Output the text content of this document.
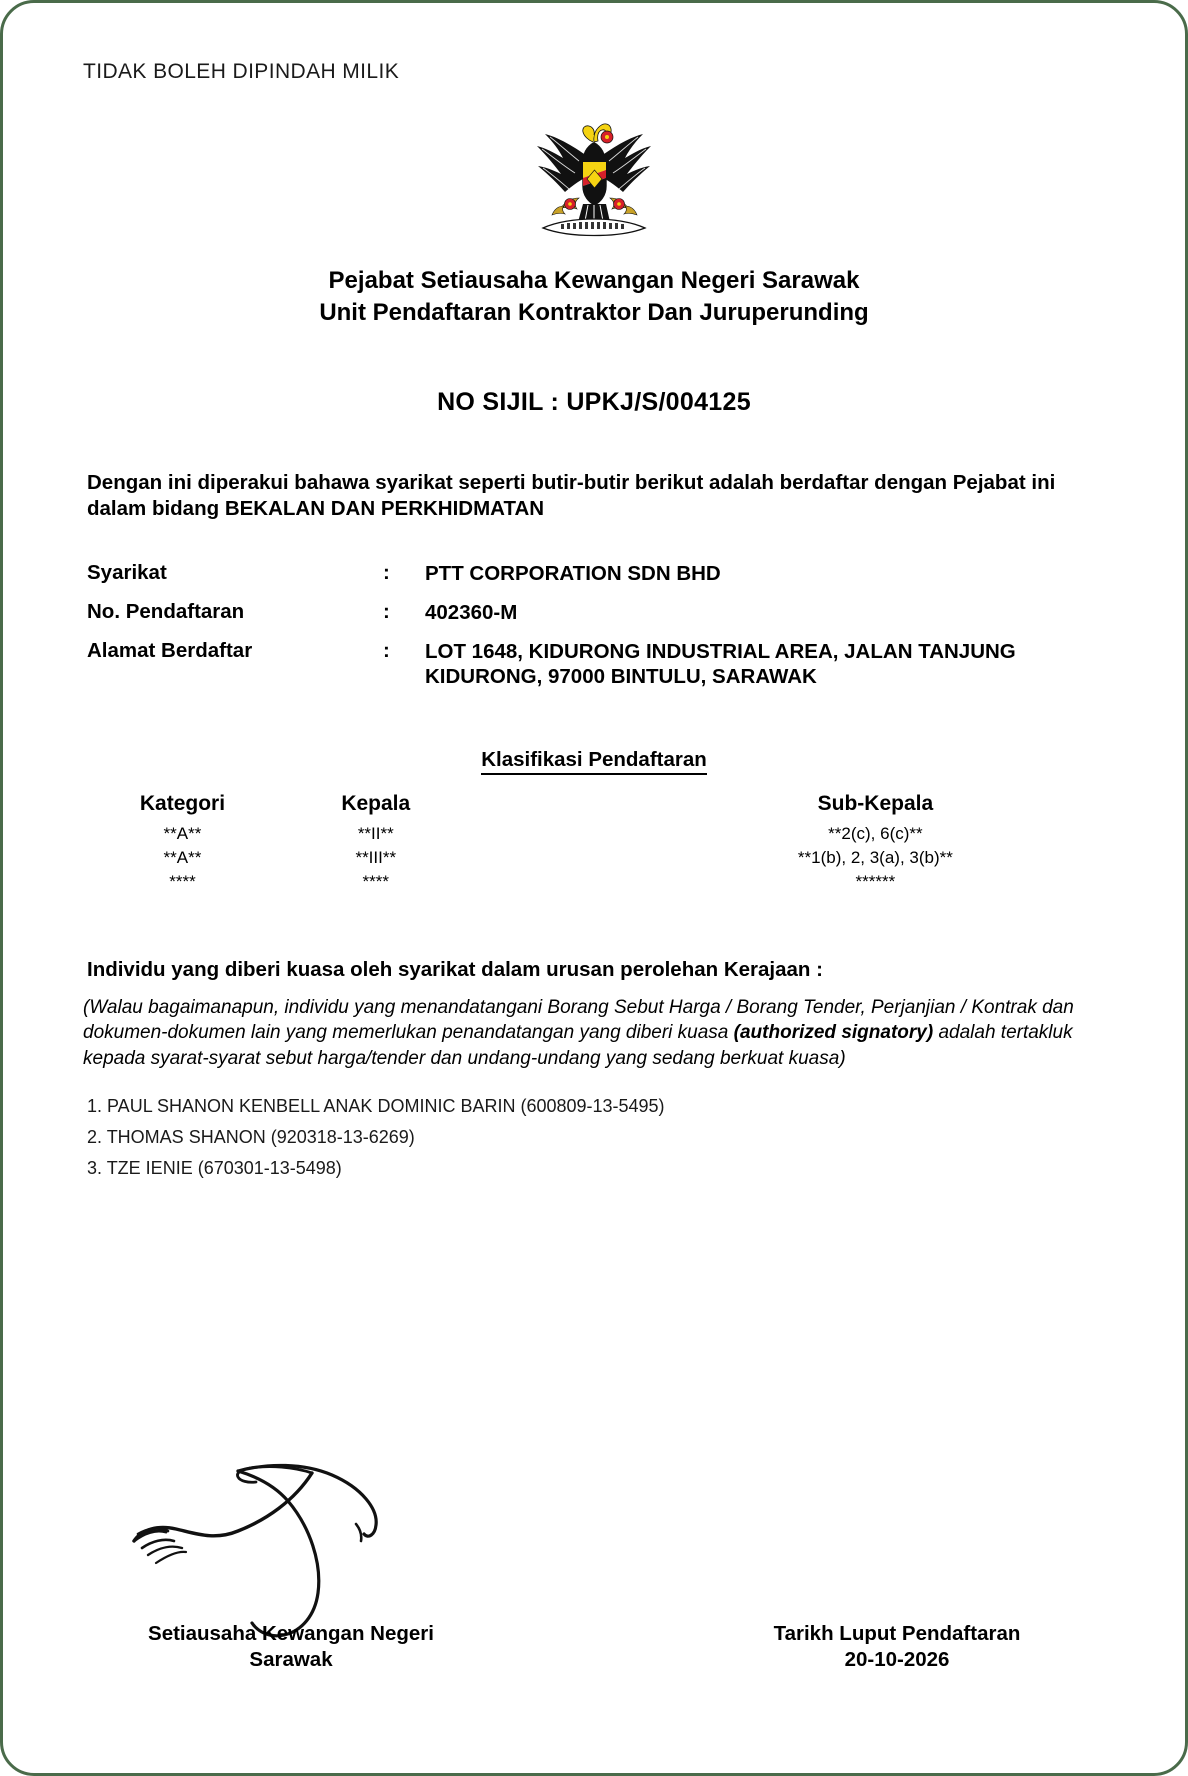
TIDAK BOLEH DIPINDAH MILIK
Pejabat Setiausaha Kewangan Negeri Sarawak
Unit Pendaftaran Kontraktor Dan Juruperunding
NO SIJIL : UPKJ/S/004125
Dengan ini diperakui bahawa syarikat seperti butir-butir berikut adalah berdaftar dengan Pejabat ini
dalam bidang BEKALAN DAN PERKHIDMATAN
Syarikat	:	PTT CORPORATION SDN BHD
No. Pendaftaran	:	402360-M
Alamat Berdaftar	:	LOT 1648, KIDURONG INDUSTRIAL AREA, JALAN TANJUNG
KIDURONG, 97000 BINTULU, SARAWAK
Klasifikasi Pendaftaran
Kategori	Kepala		Sub-Kepala
**A**	**II**		**2(c), 6(c)**
**A**	**III**		**1(b), 2, 3(a), 3(b)**
****	****		******
Individu yang diberi kuasa oleh syarikat dalam urusan perolehan Kerajaan :
(Walau bagaimanapun, individu yang menandatangani Borang Sebut Harga / Borang Tender, Perjanjian / Kontrak dan dokumen-dokumen lain yang memerlukan penandatangan yang diberi kuasa (authorized signatory) adalah tertakluk kepada syarat-syarat sebut harga/tender dan undang-undang yang sedang berkuat kuasa)
1. PAUL SHANON KENBELL ANAK DOMINIC BARIN (600809-13-5495)
2. THOMAS SHANON (920318-13-6269)
3. TZE IENIE (670301-13-5498)
Setiausaha Kewangan Negeri
Sarawak
Tarikh Luput Pendaftaran
20-10-2026
